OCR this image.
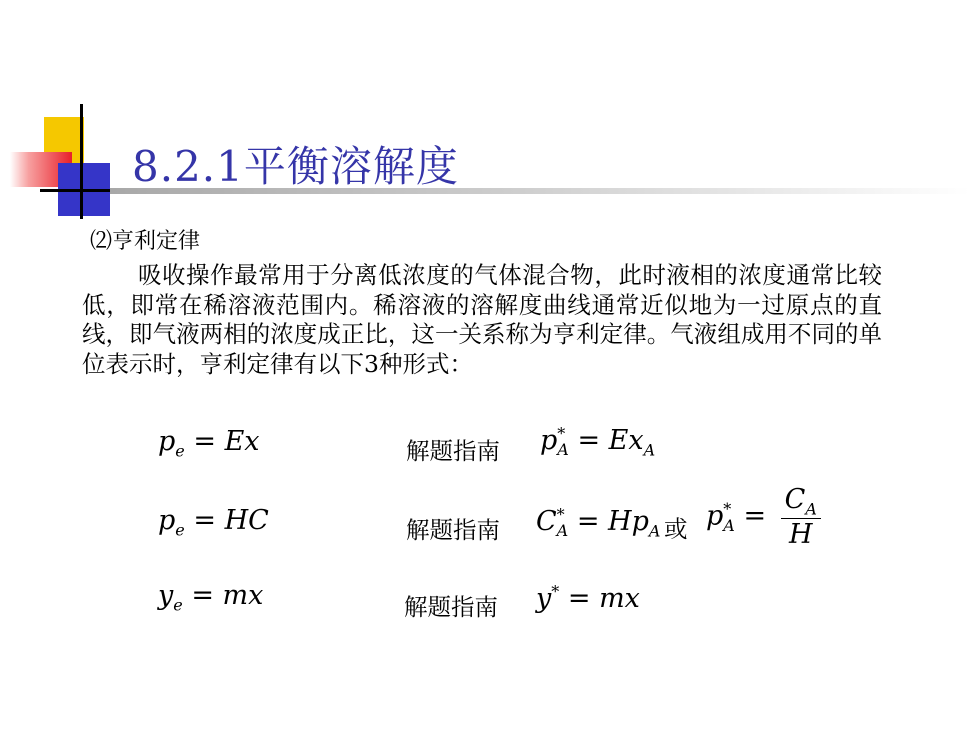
8.2.1平衡溶解度
⑵亨利定律
吸收操作最常用于分离低浓度的气体混合物，此时液相的浓度通常比较低，即常在稀溶液范围内。稀溶液的溶解度曲线通常近似地为一过原点的直线，即气液两相的浓度成正比，这一关系称为亨利定律。气液组成用不同的单位表示时，亨利定律有以下3种形式：
$p_e = Ex$	解题指南 $p^*_A = Ex_A$
$p_e$ = HC	解题指南 $C^*_A = Hp_A$ 或 $p^*_A = \frac{C_A}{H}$
$y_e$ = mx	解题指南 y* = mx
